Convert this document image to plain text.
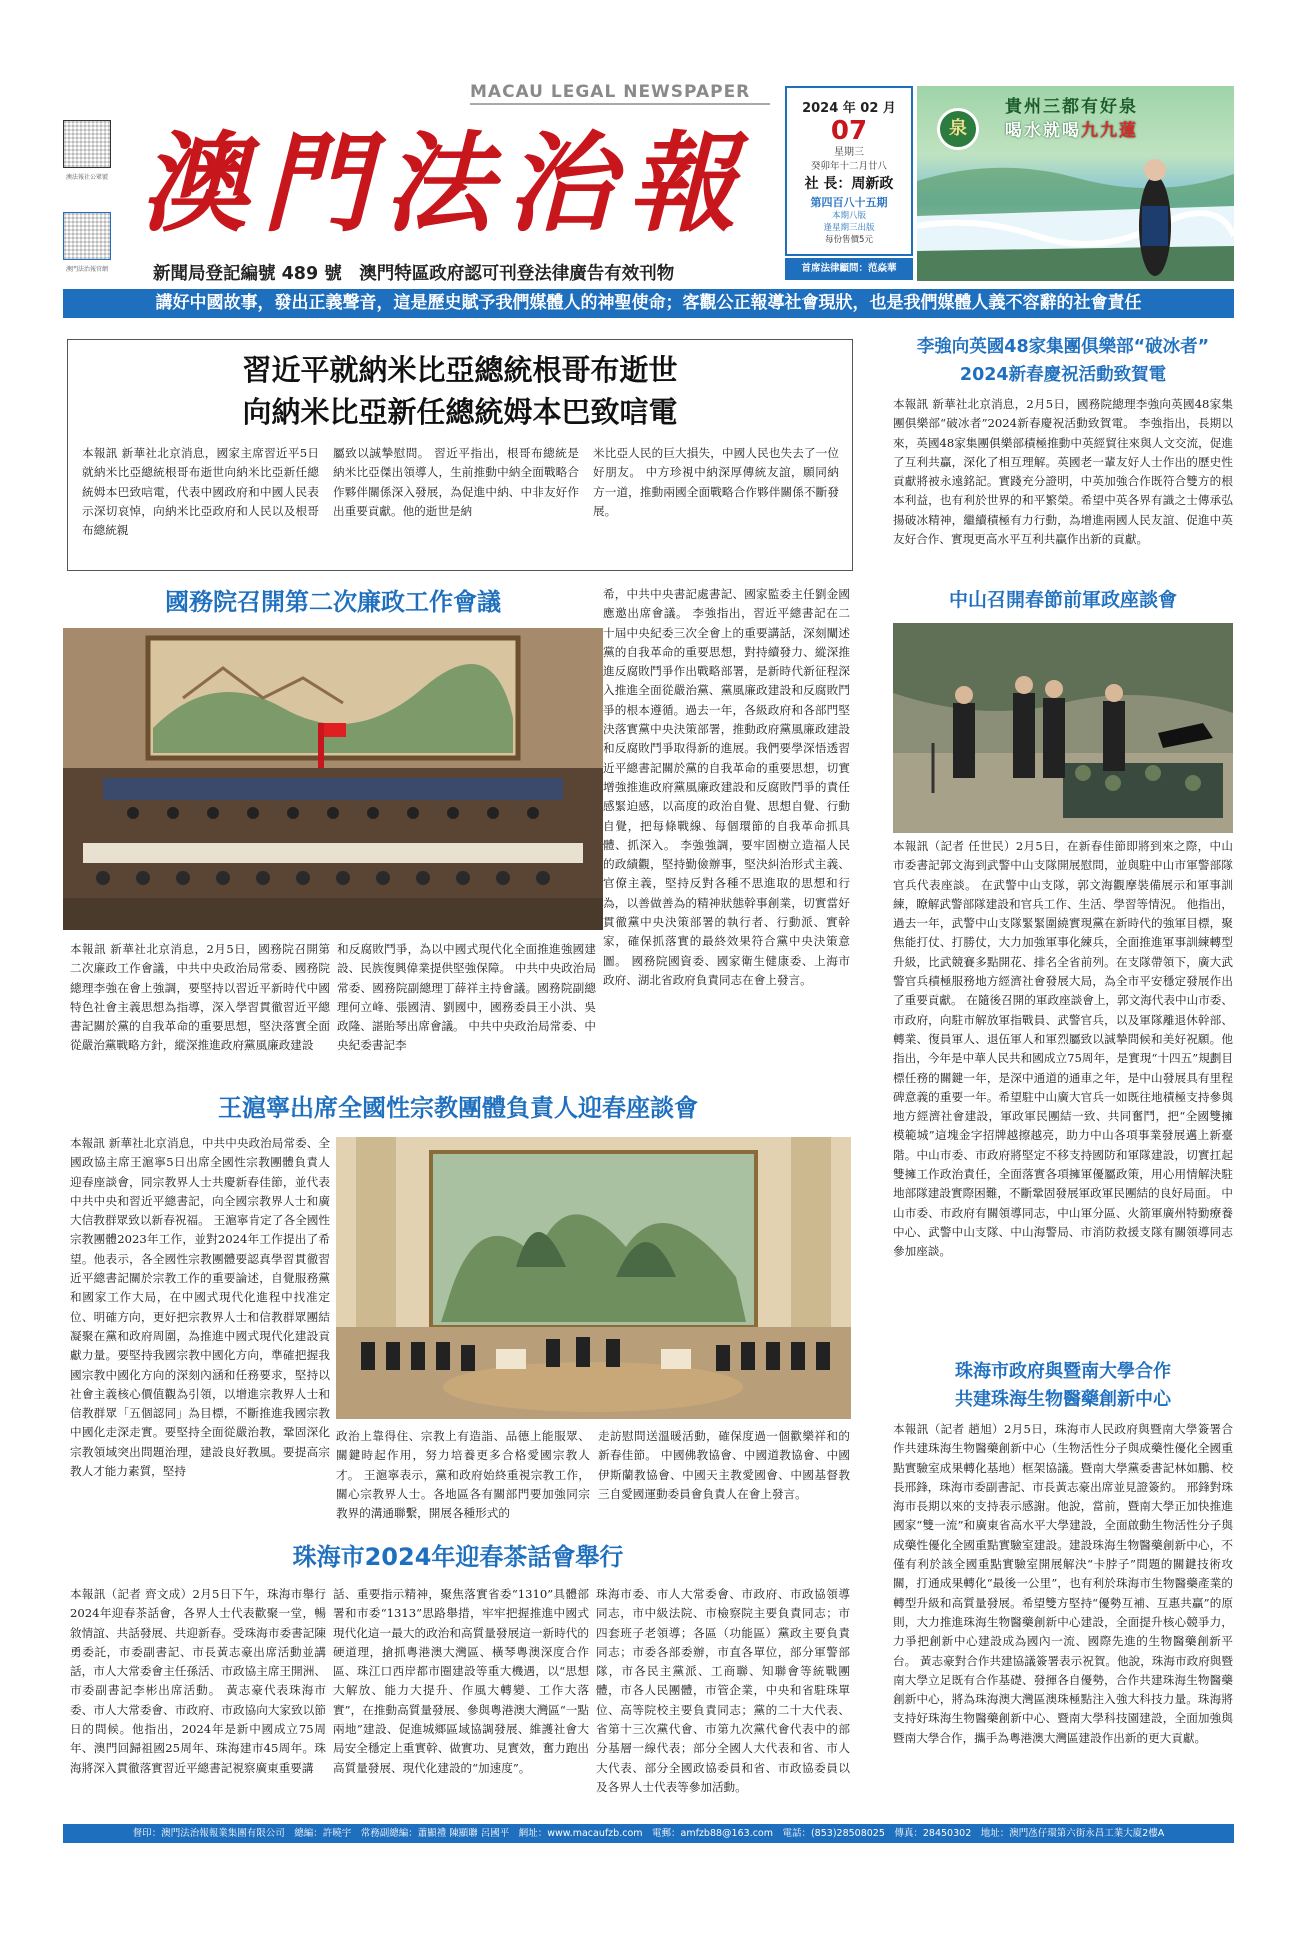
澳法報社公眾號
澳門法治報官網
MACAU LEGAL NEWSPAPER
澳門法治報
新聞局登記編號 489 號　澳門特區政府認可刊登法律廣告有效刊物
2024 年 02 月
07
星期三
癸卯年十二月廿八
社 長：周新政
第四百八十五期
本期八版
逢星期三出版
每份售價5元
首席法律顧問：范焱華
泉
貴州三都有好泉
喝水就喝九九蓮
講好中國故事，發出正義聲音，這是歷史賦予我們媒體人的神聖使命；客觀公正報導社會現狀，也是我們媒體人義不容辭的社會責任
習近平就納米比亞總統根哥布逝世
向納米比亞新任總統姆本巴致唁電
本報訊 新華社北京消息，國家主席習近平5日就納米比亞總統根哥布逝世向納米比亞新任總統姆本巴致唁電，代表中國政府和中國人民表示深切哀悼，向納米比亞政府和人民以及根哥布總統親
屬致以誠摯慰問。 習近平指出，根哥布總統是納米比亞傑出領導人，生前推動中納全面戰略合作夥伴關係深入發展，為促進中納、中非友好作出重要貢獻。他的逝世是納
米比亞人民的巨大損失，中國人民也失去了一位好朋友。 中方珍視中納深厚傳統友誼，願同納方一道，推動兩國全面戰略合作夥伴關係不斷發展。
國務院召開第二次廉政工作會議
本報訊 新華社北京消息，2月5日，國務院召開第二次廉政工作會議，中共中央政治局常委、國務院總理李強在會上強調，要堅持以習近平新時代中國特色社會主義思想為指導，深入學習貫徹習近平總書記關於黨的自我革命的重要思想，堅決落實全面從嚴治黨戰略方針，縱深推進政府黨風廉政建設
和反腐敗鬥爭，為以中國式現代化全面推進強國建設、民族復興偉業提供堅強保障。 中共中央政治局常委、國務院副總理丁薛祥主持會議。國務院副總理何立峰、張國清、劉國中，國務委員王小洪、吳政隆、諶貽琴出席會議。 中共中央政治局常委、中央紀委書記李
希，中共中央書記處書記、國家監委主任劉金國應邀出席會議。 李強指出，習近平總書記在二十屆中央紀委三次全會上的重要講話，深刻闡述黨的自我革命的重要思想，對持續發力、縱深推進反腐敗鬥爭作出戰略部署，是新時代新征程深入推進全面從嚴治黨、黨風廉政建設和反腐敗鬥爭的根本遵循。過去一年，各級政府和各部門堅決落實黨中央決策部署，推動政府黨風廉政建設和反腐敗鬥爭取得新的進展。我們要學深悟透習近平總書記關於黨的自我革命的重要思想，切實增強推進政府黨風廉政建設和反腐敗鬥爭的責任感緊迫感，以高度的政治自覺、思想自覺、行動自覺，把每條戰線、每個環節的自我革命抓具體、抓深入。 李強強調，要牢固樹立造福人民的政績觀，堅持勤儉辦事，堅決糾治形式主義、官僚主義，堅持反對各種不思進取的思想和行為，以善做善為的精神狀態幹事創業，切實當好貫徹黨中央決策部署的執行者、行動派、實幹家，確保抓落實的最終效果符合黨中央決策意圖。 國務院國資委、國家衛生健康委、上海市政府、湖北省政府負責同志在會上發言。
王滬寧出席全國性宗教團體負責人迎春座談會
本報訊 新華社北京消息，中共中央政治局常委、全國政協主席王滬寧5日出席全國性宗教團體負責人迎春座談會，同宗教界人士共慶新春佳節，並代表中共中央和習近平總書記，向全國宗教界人士和廣大信教群眾致以新春祝福。 王滬寧肯定了各全國性宗教團體2023年工作，並對2024年工作提出了希望。他表示，各全國性宗教團體要認真學習貫徹習近平總書記關於宗教工作的重要論述，自覺服務黨和國家工作大局，在中國式現代化進程中找准定位、明確方向，更好把宗教界人士和信教群眾團結凝聚在黨和政府周圍，為推進中國式現代化建設貢獻力量。要堅持我國宗教中國化方向，準確把握我國宗教中國化方向的深刻內涵和任務要求，堅持以社會主義核心價值觀為引領，以增進宗教界人士和信教群眾「五個認同」為目標，不斷推進我國宗教中國化走深走實。要堅持全面從嚴治教，鞏固深化宗教領域突出問題治理，建設良好教風。要提高宗教人才能力素質，堅持
政治上靠得住、宗教上有造詣、品德上能服眾、關鍵時起作用，努力培養更多合格愛國宗教人才。 王滬寧表示，黨和政府始終重視宗教工作，關心宗教界人士。各地區各有關部門要加強同宗教界的溝通聯繫，開展各種形式的
走訪慰問送溫暖活動，確保度過一個歡樂祥和的新春佳節。 中國佛教協會、中國道教協會、中國伊斯蘭教協會、中國天主教愛國會、中國基督教三自愛國運動委員會負責人在會上發言。
珠海市2024年迎春茶話會舉行
本報訊（記者 齊文成）2月5日下午，珠海市舉行2024年迎春茶話會，各界人士代表歡聚一堂，暢敘情誼、共話發展、共迎新春。受珠海市委書記陳勇委託，市委副書記、市長黃志豪出席活動並講話，市人大常委會主任孫活、市政協主席王開洲、市委副書記李彬出席活動。 黃志豪代表珠海市委、市人大常委會、市政府、市政協向大家致以節日的問候。他指出，2024年是新中國成立75周年、澳門回歸祖國25周年、珠海建市45周年。珠海將深入貫徹落實習近平總書記視察廣東重要講
話、重要指示精神，聚焦落實省委“1310”具體部署和市委“1313”思路舉措，牢牢把握推進中國式現代化這一最大的政治和高質量發展這一新時代的硬道理，搶抓粵港澳大灣區、橫琴粵澳深度合作區、珠江口西岸都市圈建設等重大機遇，以“思想大解放、能力大提升、作風大轉變、工作大落實”，在推動高質量發展、參與粵港澳大灣區“一點兩地”建設、促進城鄉區域協調發展、維護社會大局安全穩定上重實幹、做實功、見實效，奮力跑出高質量發展、現代化建設的“加速度”。
珠海市委、市人大常委會、市政府、市政協領導同志，市中級法院、市檢察院主要負責同志；市四套班子老領導；各區（功能區）黨政主要負責同志；市委各部委辦，市直各單位，部分軍警部隊，市各民主黨派、工商聯、知聯會等統戰團體，市各人民團體，市管企業，中央和省駐珠單位、高等院校主要負責同志；黨的二十大代表、省第十三次黨代會、市第九次黨代會代表中的部分基層一線代表；部分全國人大代表和省、市人大代表、部分全國政協委員和省、市政協委員以及各界人士代表等參加活動。
李強向英國48家集團俱樂部“破冰者”
2024新春慶祝活動致賀電
本報訊 新華社北京消息，2月5日，國務院總理李強向英國48家集團俱樂部“破冰者”2024新春慶祝活動致賀電。 李強指出，長期以來，英國48家集團俱樂部積極推動中英經貿往來與人文交流，促進了互利共贏，深化了相互理解。英國老一輩友好人士作出的歷史性貢獻將被永遠銘記。實踐充分證明，中英加強合作既符合雙方的根本利益，也有利於世界的和平繁榮。希望中英各界有識之士傳承弘揚破冰精神，繼續積極有力行動，為增進兩國人民友誼、促進中英友好合作、實現更高水平互利共贏作出新的貢獻。
中山召開春節前軍政座談會
本報訊（記者 任世民）2月5日，在新春佳節即將到來之際，中山市委書記郭文海到武警中山支隊開展慰問，並與駐中山市軍警部隊官兵代表座談。 在武警中山支隊，郭文海觀摩裝備展示和軍事訓練，瞭解武警部隊建設和官兵工作、生活、學習等情況。 他指出，過去一年，武警中山支隊緊緊圍繞實現黨在新時代的強軍目標，聚焦能打仗、打勝仗，大力加強軍事化練兵，全面推進軍事訓練轉型升級，比武競賽多點開花、排名全省前列。在支隊帶領下，廣大武警官兵積極服務地方經濟社會發展大局，為全市平安穩定發展作出了重要貢獻。 在隨後召開的軍政座談會上，郭文海代表中山市委、市政府，向駐市解放軍指戰員、武警官兵，以及軍隊離退休幹部、轉業、復員軍人、退伍軍人和軍烈屬致以誠摯問候和美好祝願。他指出，今年是中華人民共和國成立75周年，是實現“十四五”規劃目標任務的關鍵一年，是深中通道的通車之年，是中山發展具有里程碑意義的重要一年。希望駐中山廣大官兵一如既往地積極支持參與地方經濟社會建設，軍政軍民團結一致、共同奮鬥，把“全國雙擁模範城”這塊金字招牌越擦越亮，助力中山各項事業發展邁上新臺階。中山市委、市政府將堅定不移支持國防和軍隊建設，切實扛起雙擁工作政治責任，全面落實各項擁軍優屬政策，用心用情解決駐地部隊建設實際困難，不斷鞏固發展軍政軍民團結的良好局面。 中山市委、市政府有關領導同志，中山軍分區、火箭軍廣州特勤療養中心、武警中山支隊、中山海警局、市消防救援支隊有關領導同志參加座談。
珠海市政府與暨南大學合作
共建珠海生物醫藥創新中心
本報訊（記者 趙旭）2月5日，珠海市人民政府與暨南大學簽署合作共建珠海生物醫藥創新中心（生物活性分子與成藥性優化全國重點實驗室成果轉化基地）框架協議。暨南大學黨委書記林如鵬、校長邢鋒，珠海市委副書記、市長黃志豪出席並見證簽約。 邢鋒對珠海市長期以來的支持表示感謝。他說，當前，暨南大學正加快推進國家“雙一流”和廣東省高水平大學建設，全面啟動生物活性分子與成藥性優化全國重點實驗室建設。建設珠海生物醫藥創新中心，不僅有利於該全國重點實驗室開展解決“卡脖子”問題的關鍵技術攻關，打通成果轉化“最後一公里”，也有利於珠海市生物醫藥產業的轉型升級和高質量發展。希望雙方堅持“優勢互補、互惠共贏”的原則，大力推進珠海生物醫藥創新中心建設，全面提升核心競爭力，力爭把創新中心建設成為國內一流、國際先進的生物醫藥創新平台。 黃志豪對合作共建協議簽署表示祝賀。他說，珠海市政府與暨南大學立足既有合作基礎、發揮各自優勢，合作共建珠海生物醫藥創新中心，將為珠海澳大灣區澳珠極點注入強大科技力量。珠海將支持好珠海生物醫藥創新中心、暨南大學科技園建設，全面加強與暨南大學合作，攜手為粵港澳大灣區建設作出新的更大貢獻。
督印：澳門法治報報業集團有限公司　總編：許曉宇　常務副總編：蕭顯禮 陳顯聯 呂國平　網址：www.macaufzb.com　電郵：amfzb88@163.com　電話：(853)28508025　傳真：28450302　地址：澳門氹仔環第六街永昌工業大廈2樓A
